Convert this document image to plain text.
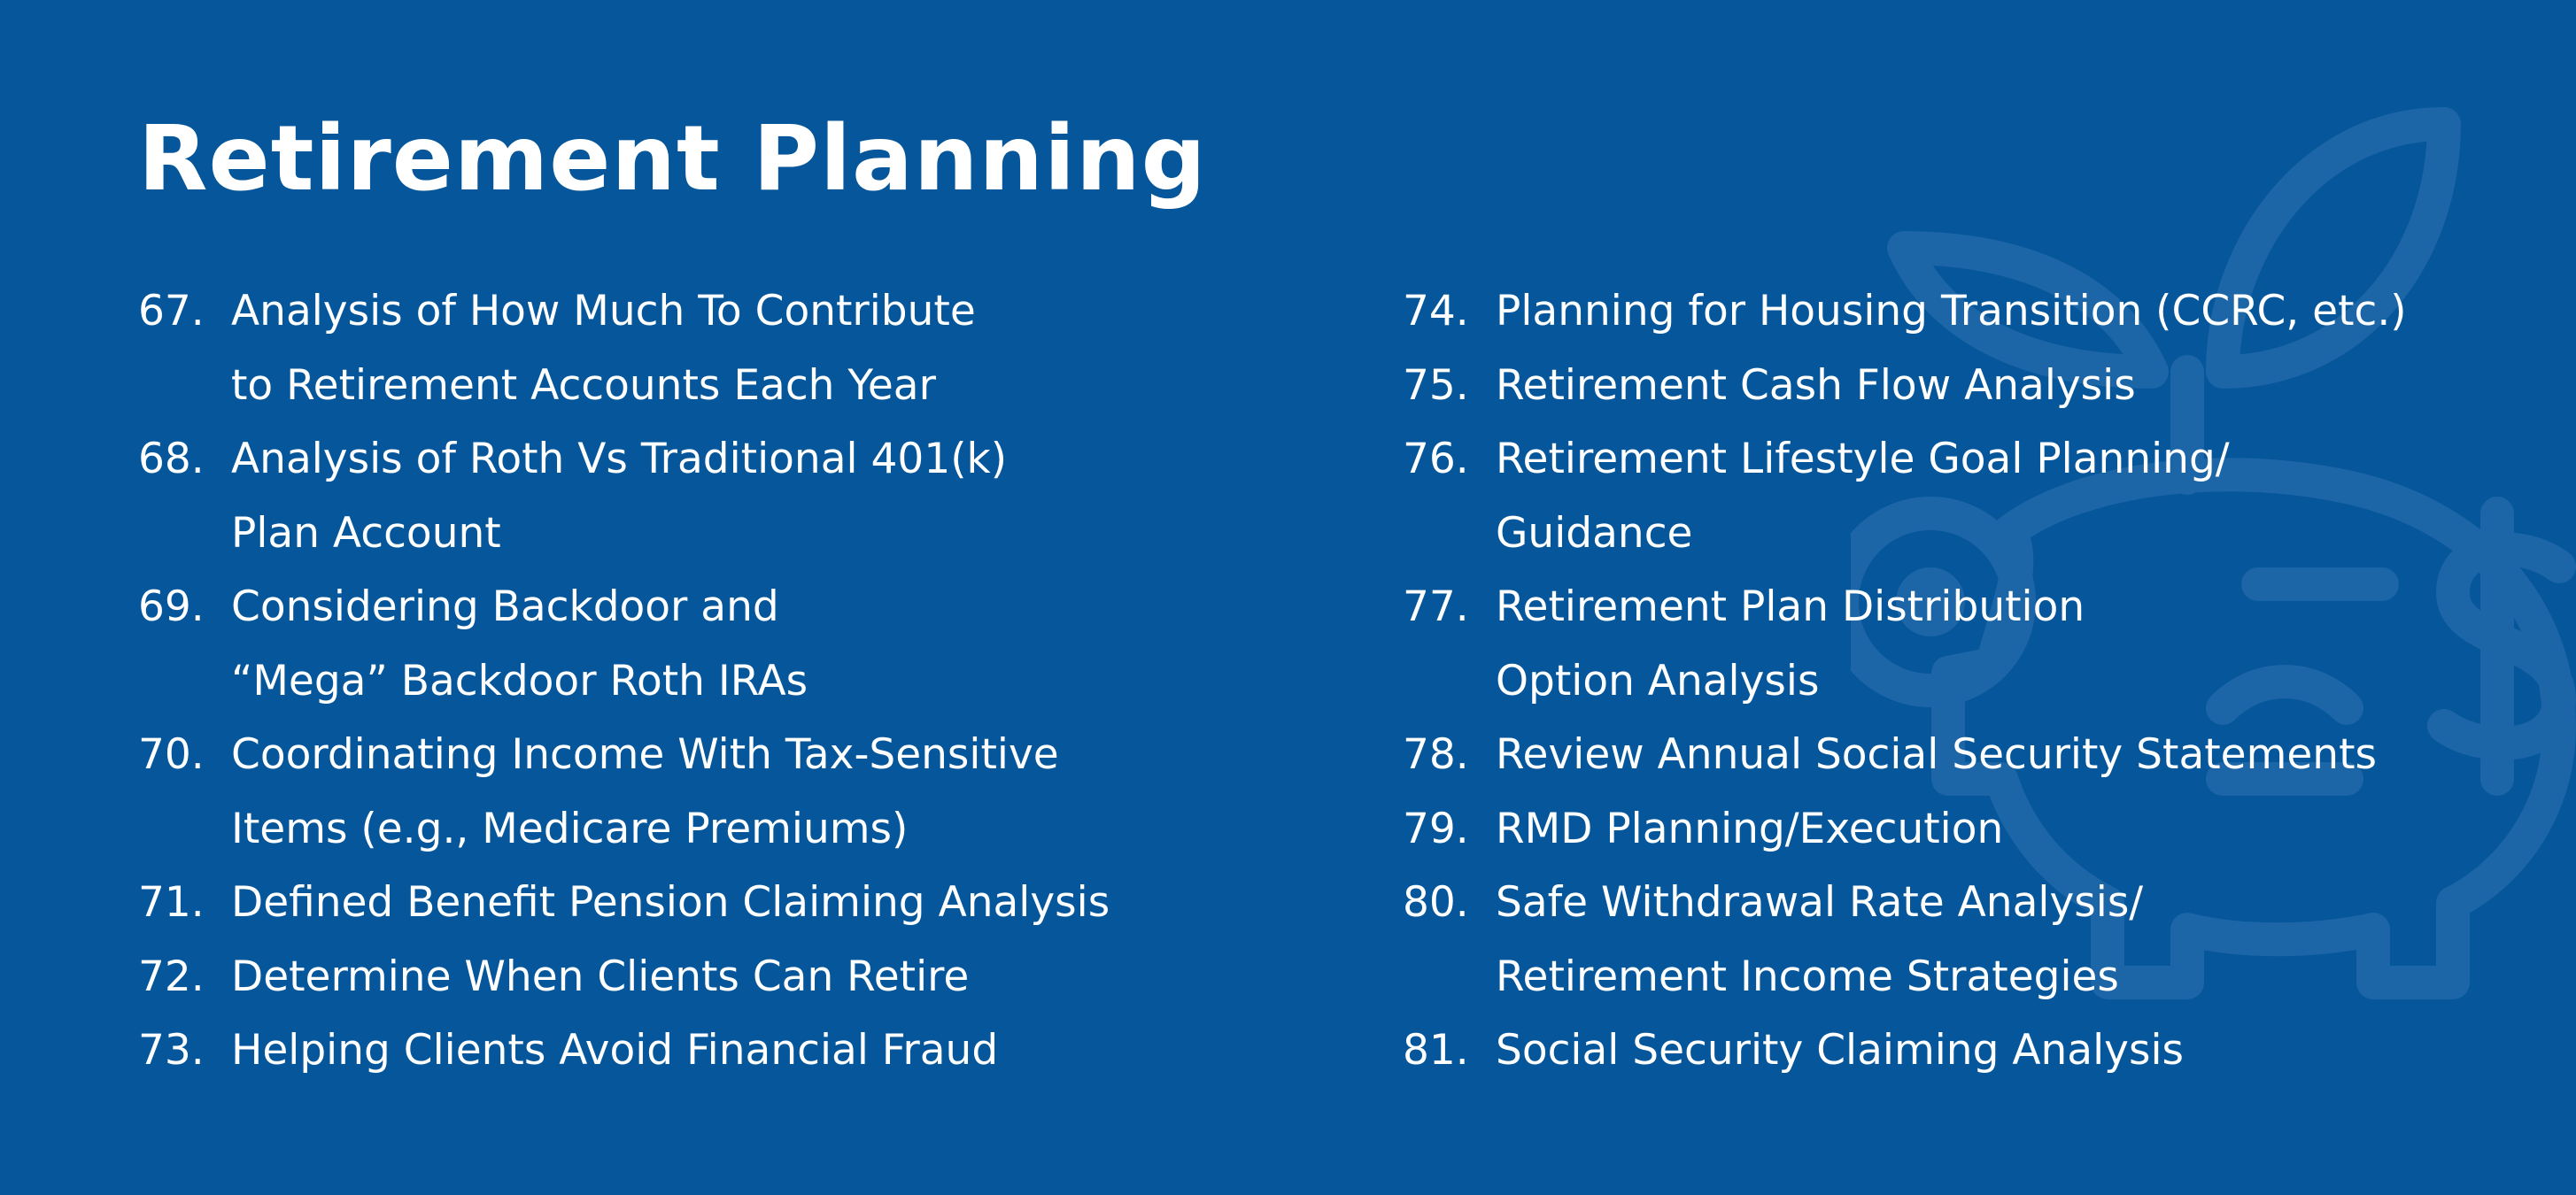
Retirement Planning
67. Analysis of How Much To Contribute
to Retirement Accounts Each Year
68. Analysis of Roth Vs Traditional 401(k)
Plan Account
69. Considering Backdoor and
“Mega” Backdoor Roth IRAs
70. Coordinating Income With Tax-Sensitive
Items (e.g., Medicare Premiums)
71. Defined Benefit Pension Claiming Analysis
72. Determine When Clients Can Retire
73. Helping Clients Avoid Financial Fraud
74. Planning for Housing Transition (CCRC, etc.)
75. Retirement Cash Flow Analysis
76. Retirement Lifestyle Goal Planning/
Guidance
77. Retirement Plan Distribution
Option Analysis
78. Review Annual Social Security Statements
79. RMD Planning/Execution
80. Safe Withdrawal Rate Analysis/
Retirement Income Strategies
81. Social Security Claiming Analysis
